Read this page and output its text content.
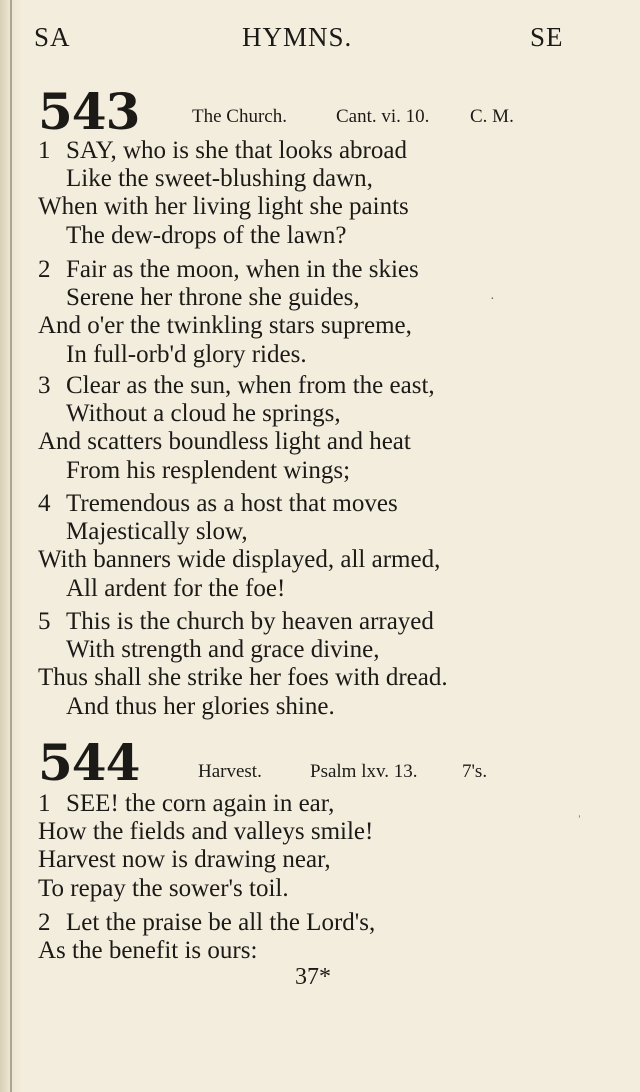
SA	HYMNS.	SE
543	The Church.	Cant. vi. 10. C. M.
1 SAY, who is she that looks abroad
Like the sweet-blushing dawn,
When with her living light she paints
The dew-drops of the lawn?
2 Fair as the moon, when in the skies
Serene her throne she guides,
And o'er the twinkling stars supreme,
In full-orb'd glory rides.
3 Clear as the sun, when from the east,
Without a cloud he springs,
And scatters boundless light and heat
From his resplendent wings;
4 Tremendous as a host that moves
Majestically slow,
With banners wide displayed, all armed,
All ardent for the foe!
5 This is the church by heaven arrayed
With strength and grace divine,
Thus shall she strike her foes with dread.
And thus her glories shine.
544	Harvest.	Psalm lxv. 13. 7's.
1 SEE! the corn again in ear,
How the fields and valleys smile!
Harvest now is drawing near,
To repay the sower's toil.
2 Let the praise be all the Lord's,
As the benefit is ours:
37*
·
ˈ
